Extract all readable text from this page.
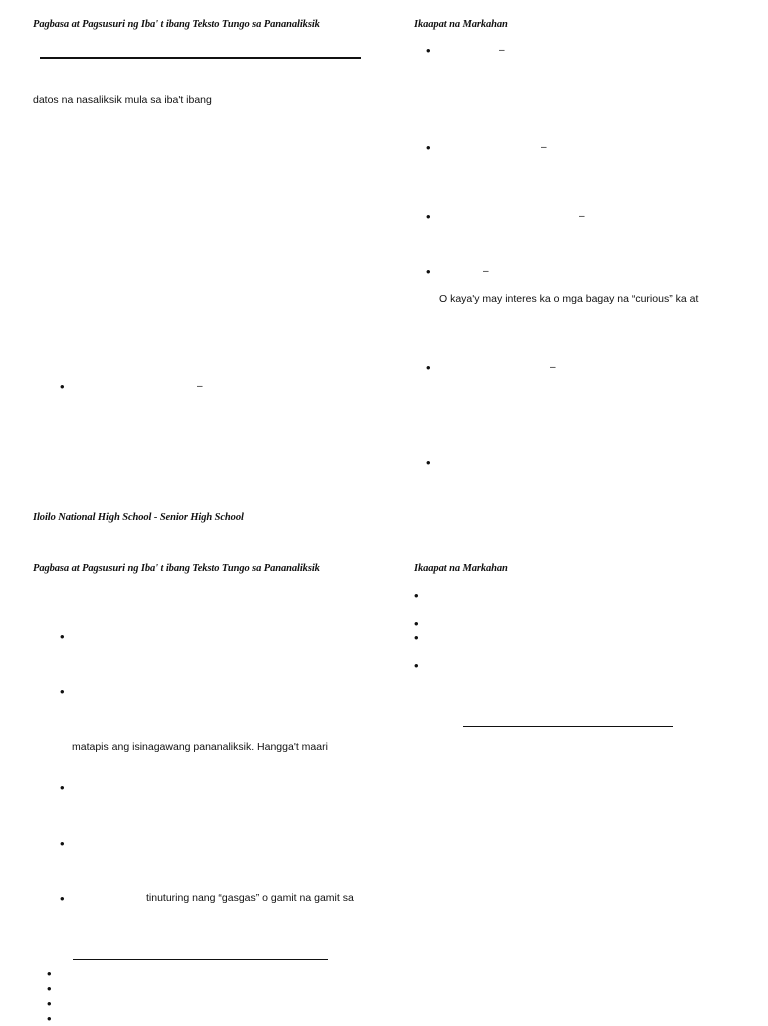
Pagbasa at Pagsusuri ng Iba' t ibang Teksto Tungo sa Pananaliksik
datos na nasaliksik mula sa iba't ibang
•	–
Ikaapat na Markahan
•	–
•	–
•	–
•	–
O kaya'y may interes ka o mga bagay na “curious” ka at
•	–
•
Iloilo National High School - Senior High School
Pagbasa at Pagsusuri ng Iba' t ibang Teksto Tungo sa Pananaliksik
•
•
matapis ang isinagawang pananaliksik. Hangga't maari
•
•
•	tinuturing nang “gasgas” o gamit na gamit sa
•
•
•
•
Ikaapat na Markahan
•
•
•
•
